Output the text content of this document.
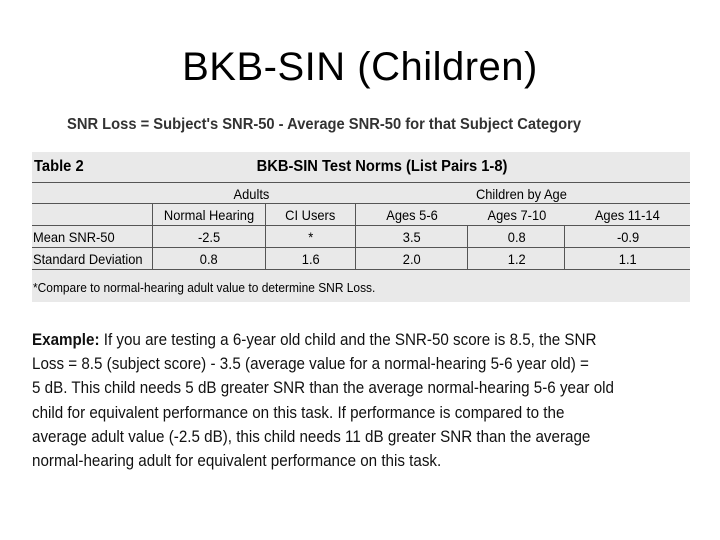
BKB-SIN (Children)
SNR Loss = Subject's SNR-50 - Average SNR-50 for that Subject Category
Table 2	BKB-SIN Test Norms (List Pairs 1-8)
Adults	Children by Age
	Normal Hearing	CI Users	Ages 5-6	Ages 7-10	Ages 11-14
Mean SNR-50	-2.5	*	3.5	0.8	-0.9
Standard Deviation	0.8	1.6	2.0	1.2	1.1
*Compare to normal-hearing adult value to determine SNR Loss.
Example: If you are testing a 6-year old child and the SNR-50 score is 8.5, the SNR
Loss = 8.5 (subject score) - 3.5 (average value for a normal-hearing 5-6 year old) =
5 dB. This child needs 5 dB greater SNR than the average normal-hearing 5-6 year old
child for equivalent performance on this task. If performance is compared to the
average adult value (-2.5 dB), this child needs 11 dB greater SNR than the average
normal-hearing adult for equivalent performance on this task.
